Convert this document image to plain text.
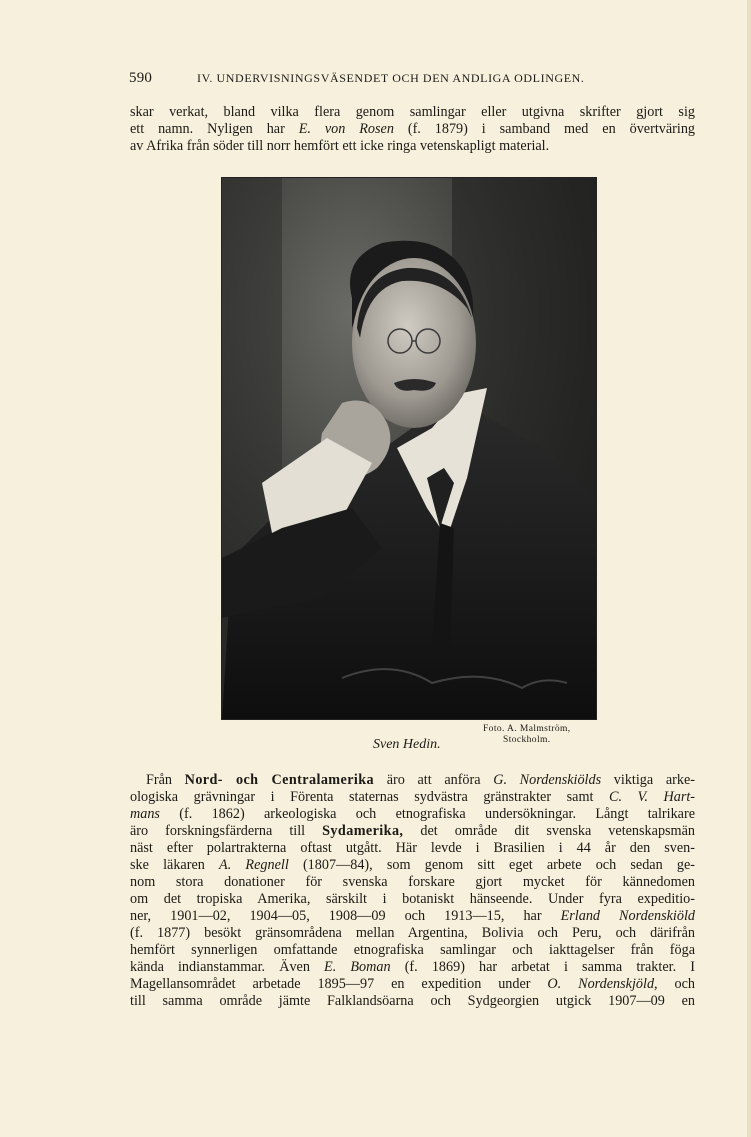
590	IV. UNDERVISNINGSVÄSENDET OCH DEN ANDLIGA ODLINGEN.
skar verkat, bland vilka flera genom samlingar eller utgivna skrifter gjort sig
ett namn. Nyligen har E. von Rosen (f. 1879) i samband med en övertväring
av Afrika från söder till norr hemfört ett icke ringa vetenskapligt material.
Foto. A. Malmström,
Stockholm.
Sven Hedin.
Från Nord- och Centralamerika äro att anföra G. Nordenskiölds viktiga arke-
ologiska grävningar i Förenta staternas sydvästra gränstrakter samt C. V. Hart-
mans (f. 1862) arkeologiska och etnografiska undersökningar. Långt talrikare
äro forskningsfärderna till Sydamerika, det område dit svenska vetenskapsmän
näst efter polartrakterna oftast utgått. Här levde i Brasilien i 44 år den sven-
ske läkaren A. Regnell (1807—84), som genom sitt eget arbete och sedan ge-
nom stora donationer för svenska forskare gjort mycket för kännedomen
om det tropiska Amerika, särskilt i botaniskt hänseende. Under fyra expeditio-
ner, 1901—02, 1904—05, 1908—09 och 1913—15, har Erland Nordenskiöld
(f. 1877) besökt gränsområdena mellan Argentina, Bolivia och Peru, och därifrån
hemfört synnerligen omfattande etnografiska samlingar och iakttagelser från föga
kända indianstammar. Även E. Boman (f. 1869) har arbetat i samma trakter. I
Magellansområdet arbetade 1895—97 en expedition under O. Nordenskjöld, och
till samma område jämte Falklandsöarna och Sydgeorgien utgick 1907—09 en
